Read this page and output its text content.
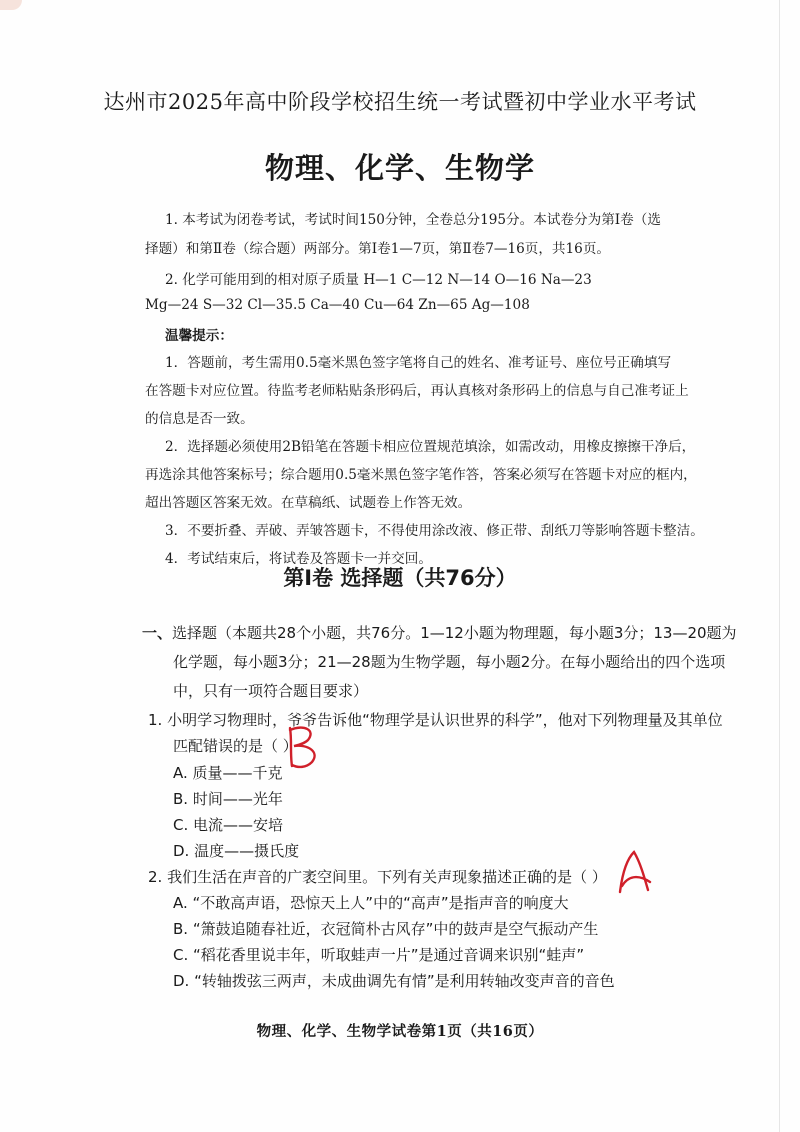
达州市2025年高中阶段学校招生统一考试暨初中学业水平考试
物理、化学、生物学
1. 本考试为闭卷考试，考试时间150分钟，全卷总分195分。本试卷分为第Ⅰ卷（选
择题）和第Ⅱ卷（综合题）两部分。第Ⅰ卷1—7页，第Ⅱ卷7—16页，共16页。
2. 化学可能用到的相对原子质量 H—1 C—12 N—14 O—16 Na—23
Mg—24 S—32 Cl—35.5 Ca—40 Cu—64 Zn—65 Ag—108
温馨提示：
1．答题前，考生需用0.5毫米黑色签字笔将自己的姓名、准考证号、座位号正确填写
在答题卡对应位置。待监考老师粘贴条形码后，再认真核对条形码上的信息与自己准考证上
的信息是否一致。
2．选择题必须使用2B铅笔在答题卡相应位置规范填涂，如需改动，用橡皮擦擦干净后，
再选涂其他答案标号；综合题用0.5毫米黑色签字笔作答，答案必须写在答题卡对应的框内，
超出答题区答案无效。在草稿纸、试题卷上作答无效。
3．不要折叠、弄破、弄皱答题卡，不得使用涂改液、修正带、刮纸刀等影响答题卡整洁。
4．考试结束后，将试卷及答题卡一并交回。
第Ⅰ卷 选择题（共76分）
一、选择题（本题共28个小题，共76分。1—12小题为物理题，每小题3分；13—20题为
化学题，每小题3分；21—28题为生物学题，每小题2分。在每小题给出的四个选项
中，只有一项符合题目要求）
1. 小明学习物理时，爷爷告诉他“物理学是认识世界的科学”，他对下列物理量及其单位
匹配错误的是（ ）
A. 质量——千克
B. 时间——光年
C. 电流——安培
D. 温度——摄氏度
2. 我们生活在声音的广袤空间里。下列有关声现象描述正确的是（ ）
A. “不敢高声语，恐惊天上人”中的“高声”是指声音的响度大
B. “箫鼓追随春社近，衣冠简朴古风存”中的鼓声是空气振动产生
C. “稻花香里说丰年，听取蛙声一片”是通过音调来识别“蛙声”
D. “转轴拨弦三两声，未成曲调先有情”是利用转轴改变声音的音色
物理、化学、生物学试卷第1页（共16页）
